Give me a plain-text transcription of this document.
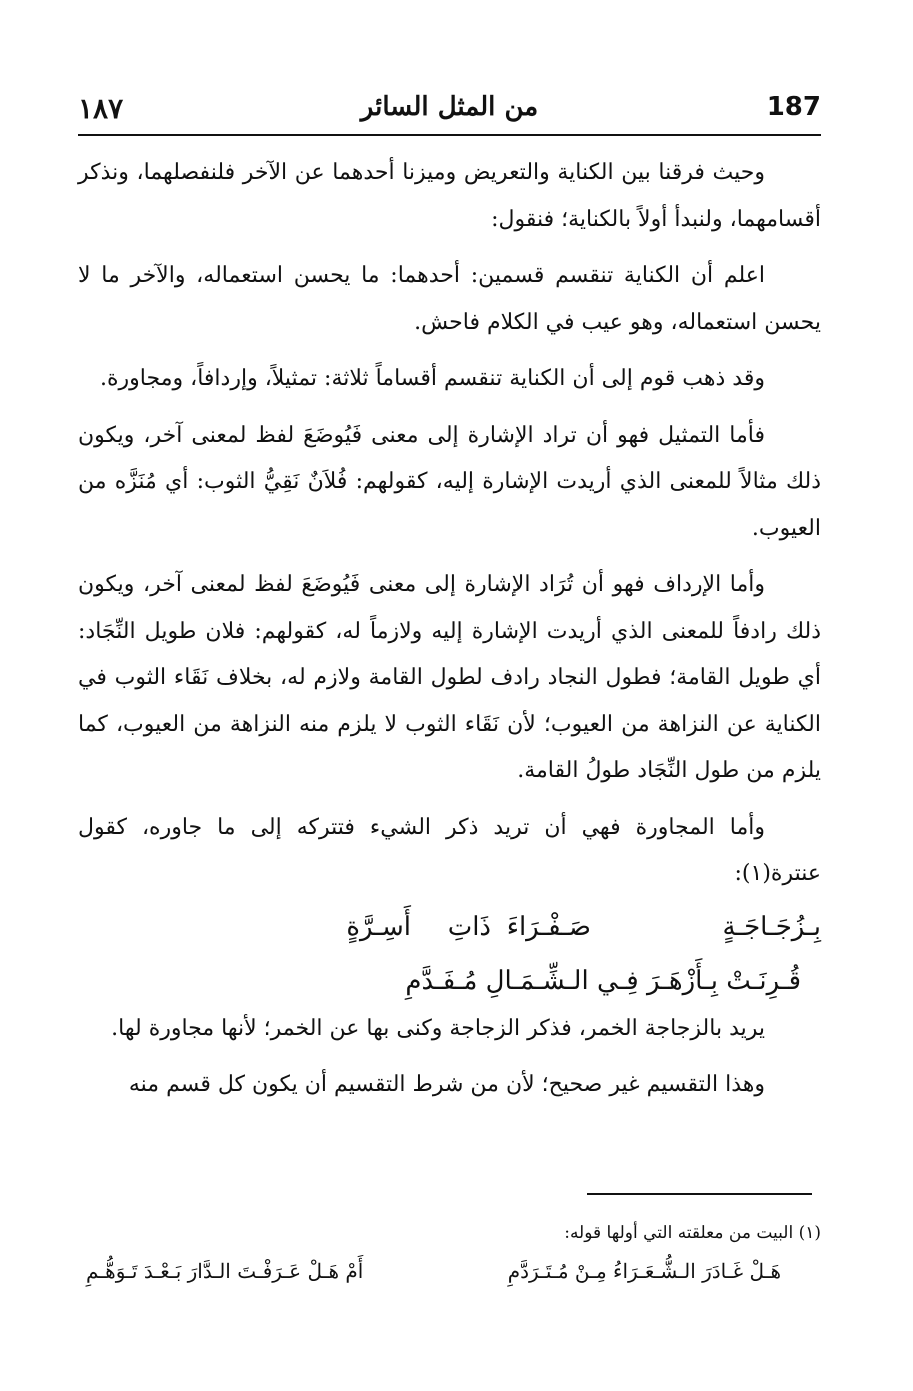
187
من المثل السائر
١٨٧

وحيث فرقنا بين الكناية والتعريض وميزنا أحدهما عن الآخر فلنفصلهما، ونذكر أقسامهما، ولنبدأ أولاً بالكناية؛ فنقول:

اعلم أن الكناية تنقسم قسمين: أحدهما: ما يحسن استعماله، والآخر ما لا يحسن استعماله، وهو عيب في الكلام فاحش.

وقد ذهب قوم إلى أن الكناية تنقسم أقساماً ثلاثة: تمثيلاً، وإردافاً، ومجاورة.

فأما التمثيل فهو أن تراد الإشارة إلى معنى فَيُوضَعَ لفظ لمعنى آخر، ويكون ذلك مثالاً للمعنى الذي أريدت الإشارة إليه، كقولهم: فُلاَنٌ نَقِيُّ الثوب: أي مُنَزَّه من العيوب.

وأما الإرداف فهو أن تُرَاد الإشارة إلى معنى فَيُوضَعَ لفظ لمعنى آخر، ويكون ذلك رادفاً للمعنى الذي أريدت الإشارة إليه ولازماً له، كقولهم: فلان طويل النِّجَاد: أي طويل القامة؛ فطول النجاد رادف لطول القامة ولازم له، بخلاف نَقَاء الثوب في الكناية عن النزاهة من العيوب؛ لأن نَقَاء الثوب لا يلزم منه النزاهة من العيوب، كما يلزم من طول النِّجَاد طولُ القامة.

وأما المجاورة فهي أن تريد ذكر الشيء فتتركه إلى ما جاوره، كقول عنترة(١):

بِـزُجَـاجَـةٍ
صَـفْـرَاءَ
ذَاتِ
أَسِـرَّةٍ
قُـرِنَـتْ بِـأَزْهَـرَ فِـي الـشِّـمَـالِ مُـفَـدَّمِ

يريد بالزجاجة الخمر، فذكر الزجاجة وكنى بها عن الخمر؛ لأنها مجاورة لها.

وهذا التقسيم غير صحيح؛ لأن من شرط التقسيم أن يكون كل قسم منه

(١) البيت من معلقته التي أولها قوله:
هَـلْ غَـادَرَ الـشُّـعَـرَاءُ مِـنْ مُـتَـرَدَّمِ
أَمْ هَـلْ عَـرَفْـتَ الـدَّارَ بَـعْـدَ تَـوَهُّـمِ
